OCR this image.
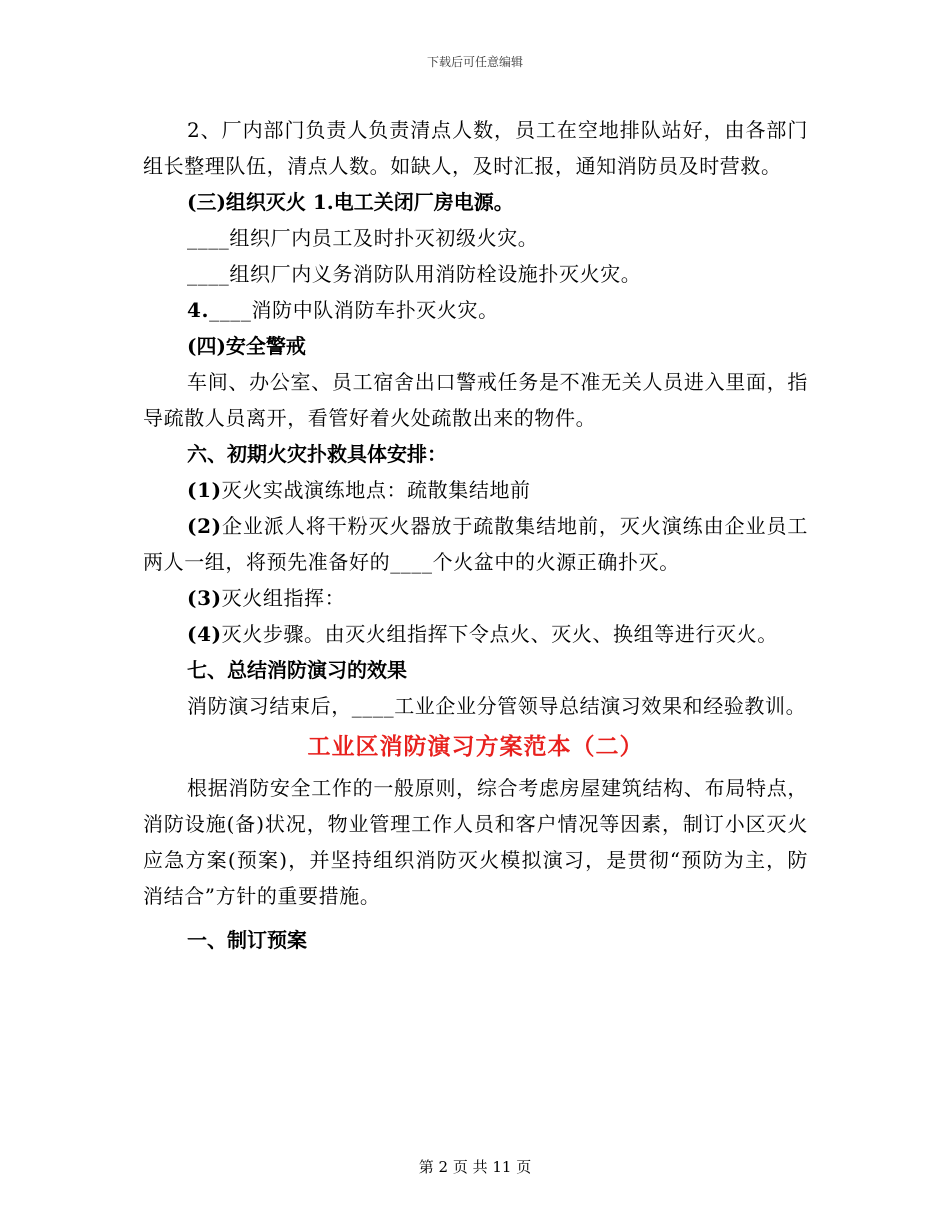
下载后可任意编辑

2、厂内部门负责人负责清点人数，员工在空地排队站好，由各部门组长整理队伍，清点人数。如缺人，及时汇报，通知消防员及时营救。

(三)组织灭火 1.电工关闭厂房电源。

____组织厂内员工及时扑灭初级火灾。

____组织厂内义务消防队用消防栓设施扑灭火灾。

4.____消防中队消防车扑灭火灾。

(四)安全警戒

车间、办公室、员工宿舍出口警戒任务是不准无关人员进入里面，指导疏散人员离开，看管好着火处疏散出来的物件。

六、初期火灾扑救具体安排：

(1)灭火实战演练地点：疏散集结地前

(2)企业派人将干粉灭火器放于疏散集结地前，灭火演练由企业员工两人一组，将预先准备好的____个火盆中的火源正确扑灭。

(3)灭火组指挥：

(4)灭火步骤。由灭火组指挥下令点火、灭火、换组等进行灭火。

七、总结消防演习的效果

消防演习结束后，____工业企业分管领导总结演习效果和经验教训。

工业区消防演习方案范本（二）

根据消防安全工作的一般原则，综合考虑房屋建筑结构、布局特点，消防设施(备)状况，物业管理工作人员和客户情况等因素，制订小区灭火应急方案(预案)，并坚持组织消防灭火模拟演习，是贯彻“预防为主，防消结合”方针的重要措施。

一、制订预案

第 2 页 共 11 页
